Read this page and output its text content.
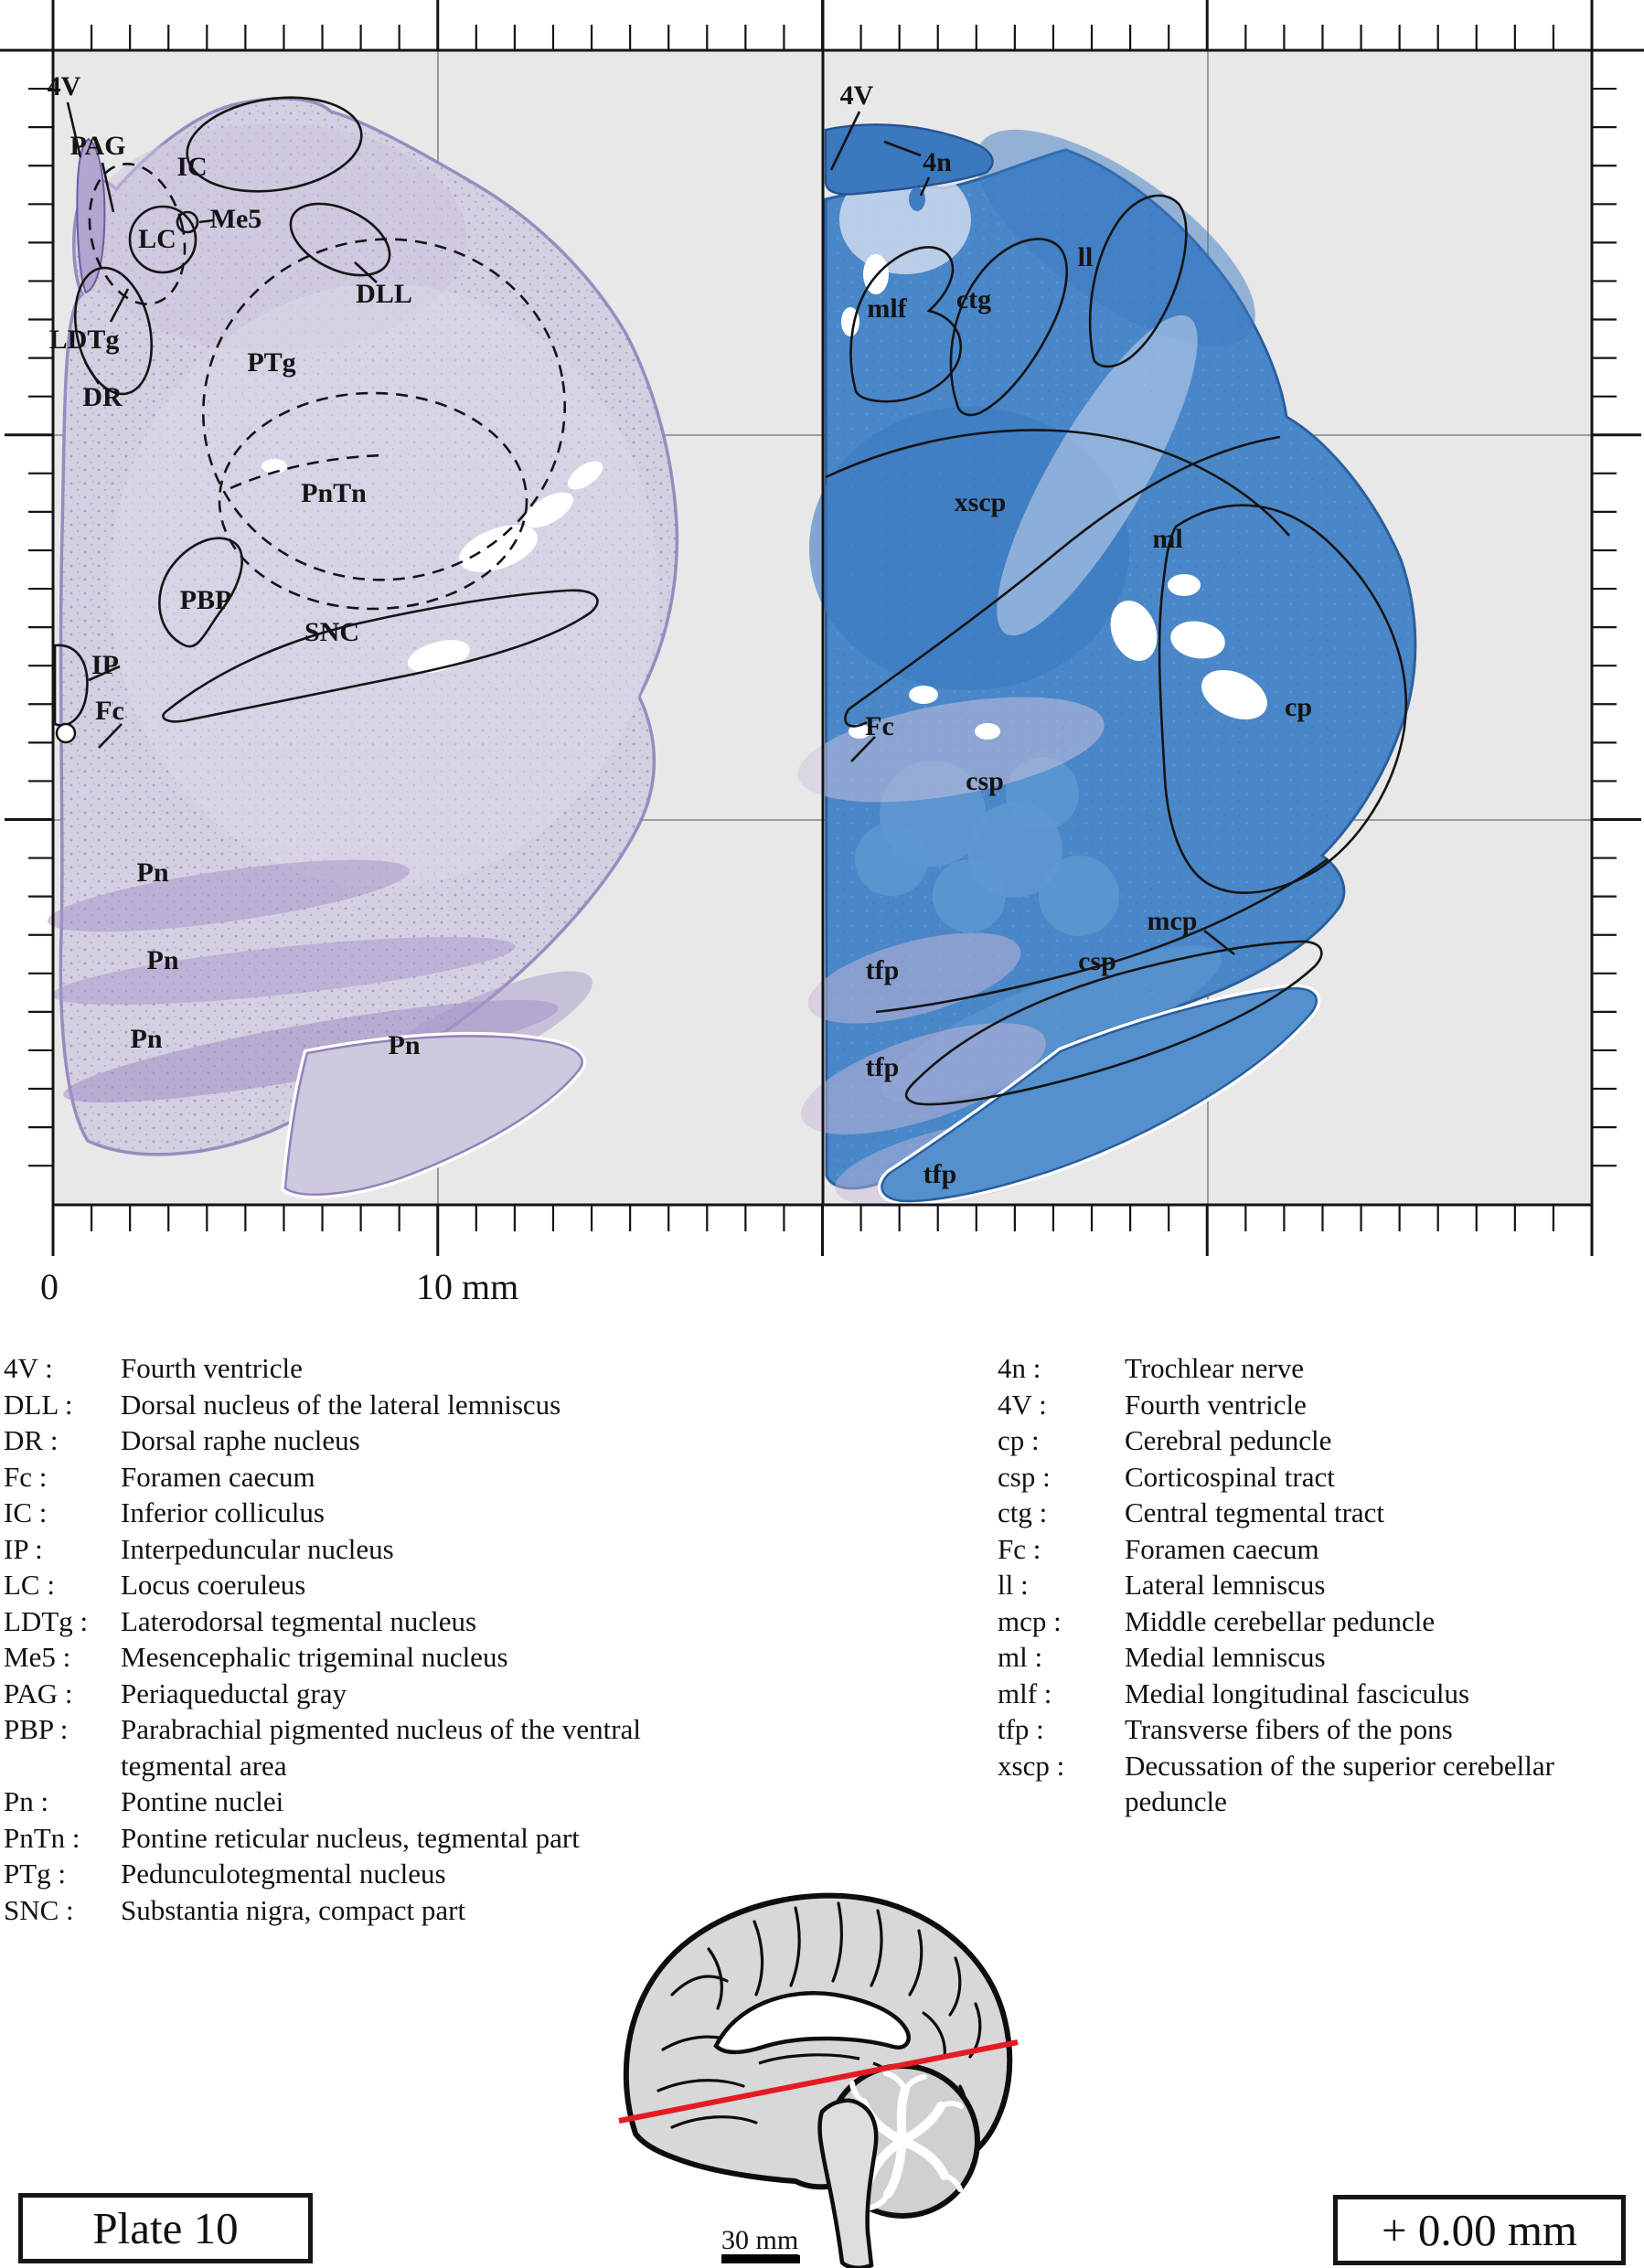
4V
PAG
IC
Me5
LC
DLL
LDTg
DR
PTg
PnTn
PBP
SNC
IP
Fc
Pn
Pn
Pn	Pn
4V
4n
ll
mlf ctg
xscp
ml
cp
Fc
csp
mcp
csp
tfp
tfp
tfp
0	10 mm
4V :	Fourth ventricle
DLL :	Dorsal nucleus of the lateral lemniscus
DR :	Dorsal raphe nucleus
Fc :	Foramen caecum
IC :	Inferior colliculus
IP :	Interpeduncular nucleus
LC :	Locus coeruleus
LDTg :	Laterodorsal tegmental nucleus
Me5 :	Mesencephalic trigeminal nucleus
PAG :	Periaqueductal gray
PBP :	Parabrachial pigmented nucleus of the ventral tegmental area
Pn :	Pontine nuclei
PnTn :	Pontine reticular nucleus, tegmental part
PTg :	Pedunculotegmental nucleus
SNC :	Substantia nigra, compact part
4n :	Trochlear nerve
4V :	Fourth ventricle
cp :	Cerebral peduncle
csp :	Corticospinal tract
ctg :	Central tegmental tract
Fc :	Foramen caecum
ll :	Lateral lemniscus
mcp :	Middle cerebellar peduncle
ml :	Medial lemniscus
mlf :	Medial longitudinal fasciculus
tfp :	Transverse fibers of the pons
xscp :	Decussation of the superior cerebellar peduncle
30 mm
Plate 10	+ 0.00 mm
